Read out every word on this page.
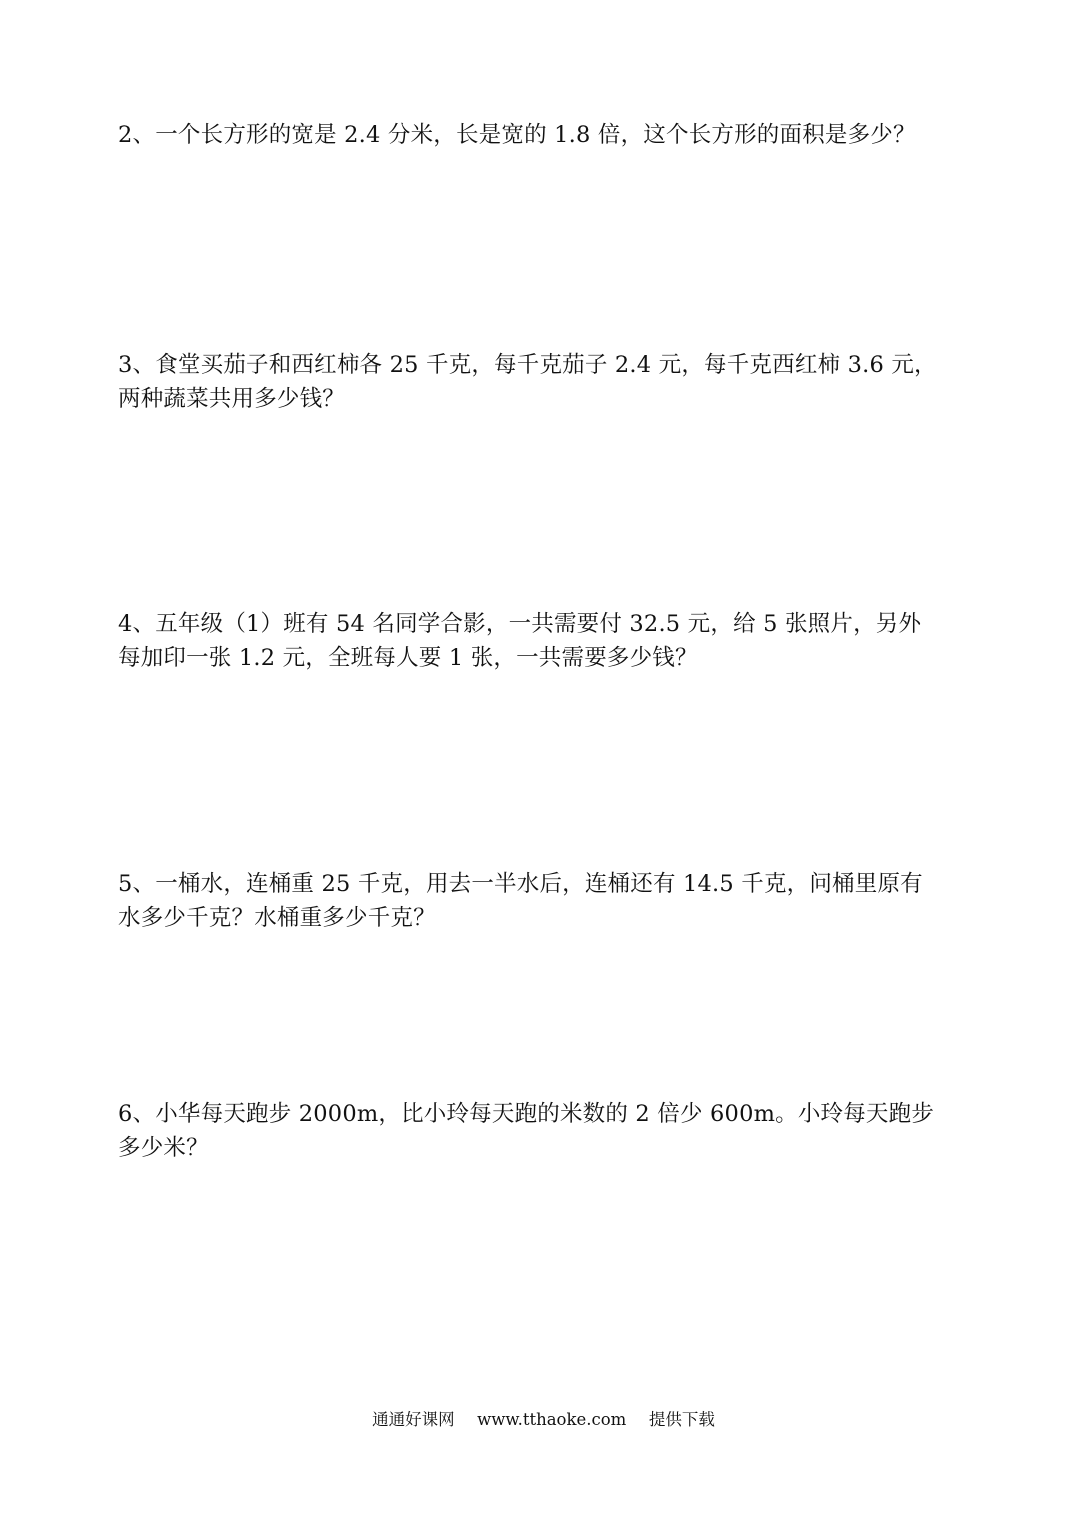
2、一个长方形的宽是 2.4 分米，长是宽的 1.8 倍，这个长方形的面积是多少？
3、食堂买茄子和西红柿各 25 千克，每千克茄子 2.4 元，每千克西红柿 3.6 元，
两种蔬菜共用多少钱？
4、五年级（1）班有 54 名同学合影，一共需要付 32.5 元，给 5 张照片，另外
每加印一张 1.2 元，全班每人要 1 张，一共需要多少钱？
5、一桶水，连桶重 25 千克，用去一半水后，连桶还有 14.5 千克，问桶里原有
水多少千克？水桶重多少千克？
6、小华每天跑步 2000m，比小玲每天跑的米数的 2 倍少 600m。小玲每天跑步
多少米？
通通好课网 www.tthaoke.com 提供下载
